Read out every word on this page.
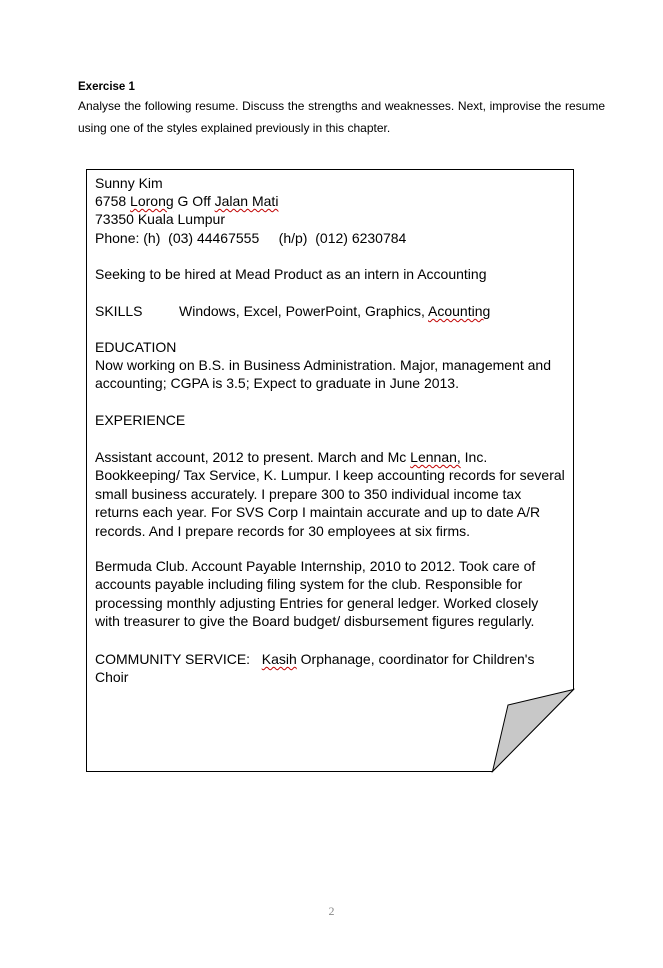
Exercise 1

Analyse the following resume. Discuss the strengths and weaknesses. Next, improvise the resume using one of the styles explained previously in this chapter.

Sunny Kim
6758 Lorong G Off Jalan Mati
73350 Kuala Lumpur
Phone: (h)  (03) 44467555     (h/p)  (012) 6230784
Seeking to be hired at Mead Product as an intern in Accounting
SKILLS	Windows, Excel, PowerPoint, Graphics, Acounting
EDUCATION

Now working on B.S. in Business Administration. Major, management and accounting; CGPA is 3.5; Expect to graduate in June 2013.

EXPERIENCE

Assistant account, 2012 to present. March and Mc Lennan, Inc. Bookkeeping/ Tax Service, K. Lumpur. I keep accounting records for several small business accurately. I prepare 300 to 350 individual income tax returns each year. For SVS Corp I maintain accurate and up to date A/R records. And I prepare records for 30 employees at six firms.

Bermuda Club. Account Payable Internship, 2010 to 2012. Took care of accounts payable including filing system for the club. Responsible for processing monthly adjusting Entries for general ledger. Worked closely with treasurer to give the Board budget/ disbursement figures regularly.

COMMUNITY SERVICE: Kasih Orphanage, coordinator for Children's Choir

2
